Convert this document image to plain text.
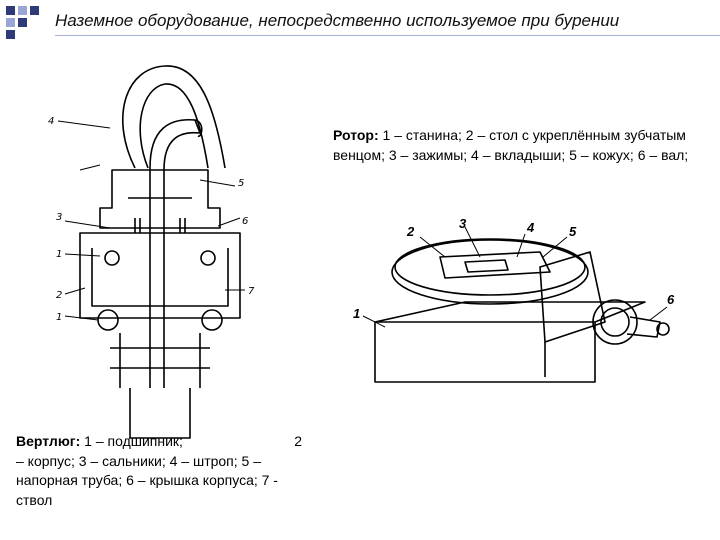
Наземное оборудование, непосредственно используемое при бурении
4
5
3	6
1
2	7
1	1
2
3	4	5
6
Ротор: 1 – станина; 2 – стол с укреплённым зубчатым венцом; 3 – зажимы; 4 – вкладыши; 5 – кожух; 6 – вал;
Вертлюг: 1 – подшипник;	2
– корпус; 3 – сальники; 4 – штроп; 5 – напорная труба; 6 – крышка корпуса; 7 - ствол
